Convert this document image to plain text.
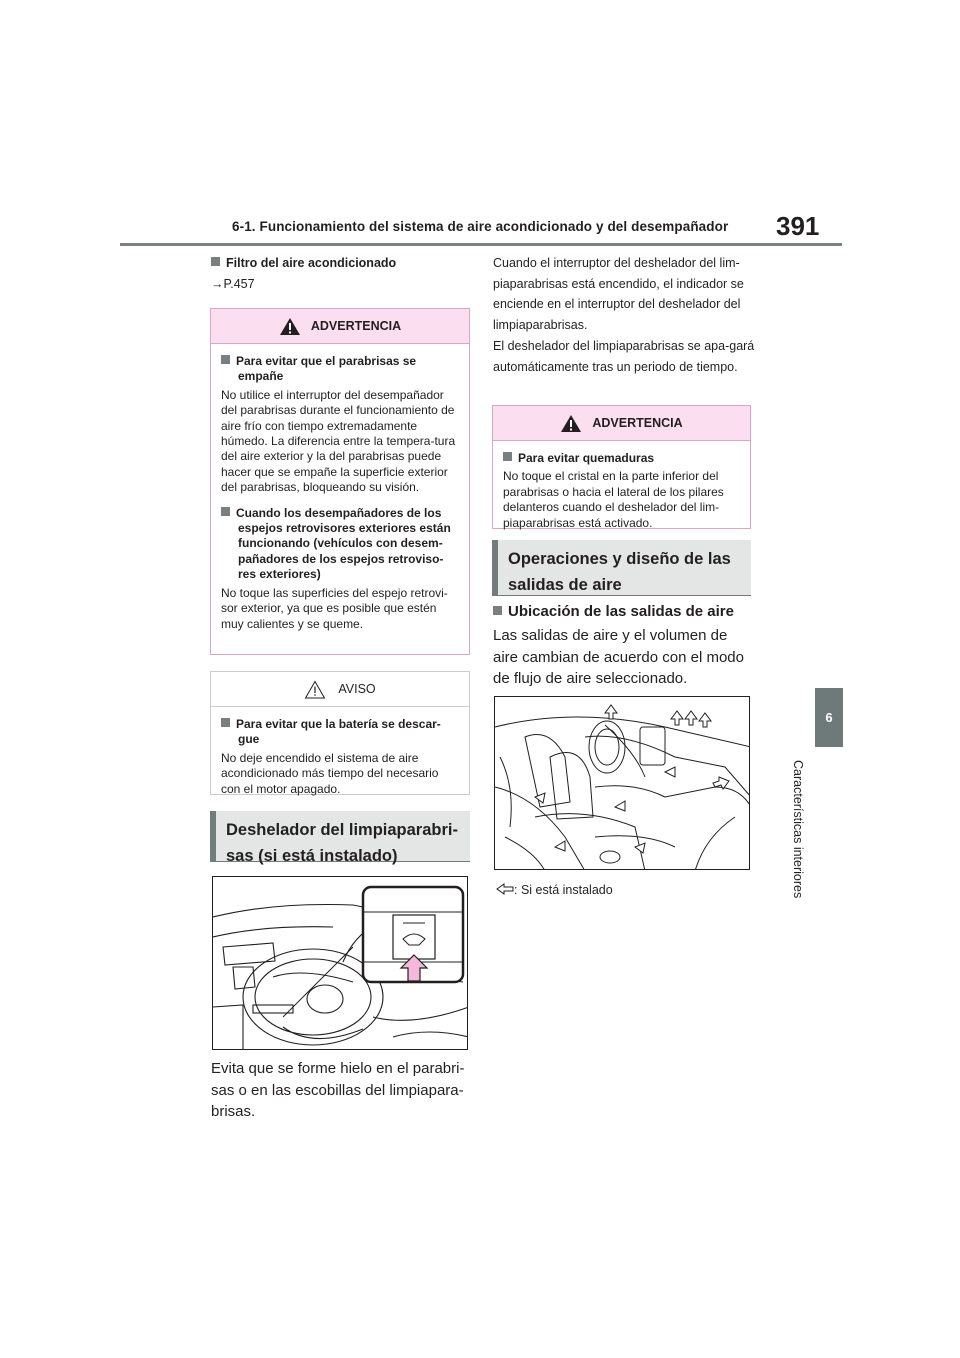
6-1. Funcionamiento del sistema de aire acondicionado y del desempañador 391
6
Características interiores
Filtro del aire acondicionado
→P.457
ADVERTENCIA
Para evitar que el parabrisas se empañe
No utilice el interruptor del desempañador del parabrisas durante el funcionamiento de aire frío con tiempo extremadamente húmedo. La diferencia entre la tempera-tura del aire exterior y la del parabrisas puede hacer que se empañe la superficie exterior del parabrisas, bloqueando su visión.
Cuando los desempañadores de los espejos retrovisores exteriores están funcionando (vehículos con desem-pañadores de los espejos retroviso-res exteriores)
No toque las superficies del espejo retrovi-sor exterior, ya que es posible que estén muy calientes y se queme.
AVISO
Para evitar que la batería se descar-gue
No deje encendido el sistema de aire acondicionado más tiempo del necesario con el motor apagado.
Deshelador del limpiaparabri-sas (si está instalado)
Evita que se forme hielo en el parabri-sas o en las escobillas del limpiapara-brisas.
Cuando el interruptor del deshelador del lim-piaparabrisas está encendido, el indicador se enciende en el interruptor del deshelador del limpiaparabrisas.
El deshelador del limpiaparabrisas se apa-gará automáticamente tras un periodo de tiempo.
ADVERTENCIA
Para evitar quemaduras
No toque el cristal en la parte inferior del parabrisas o hacia el lateral de los pilares delanteros cuando el deshelador del lim-piaparabrisas está activado.
Operaciones y diseño de las salidas de aire
Ubicación de las salidas de aire
Las salidas de aire y el volumen de aire cambian de acuerdo con el modo de flujo de aire seleccionado.
: Si está instalado
